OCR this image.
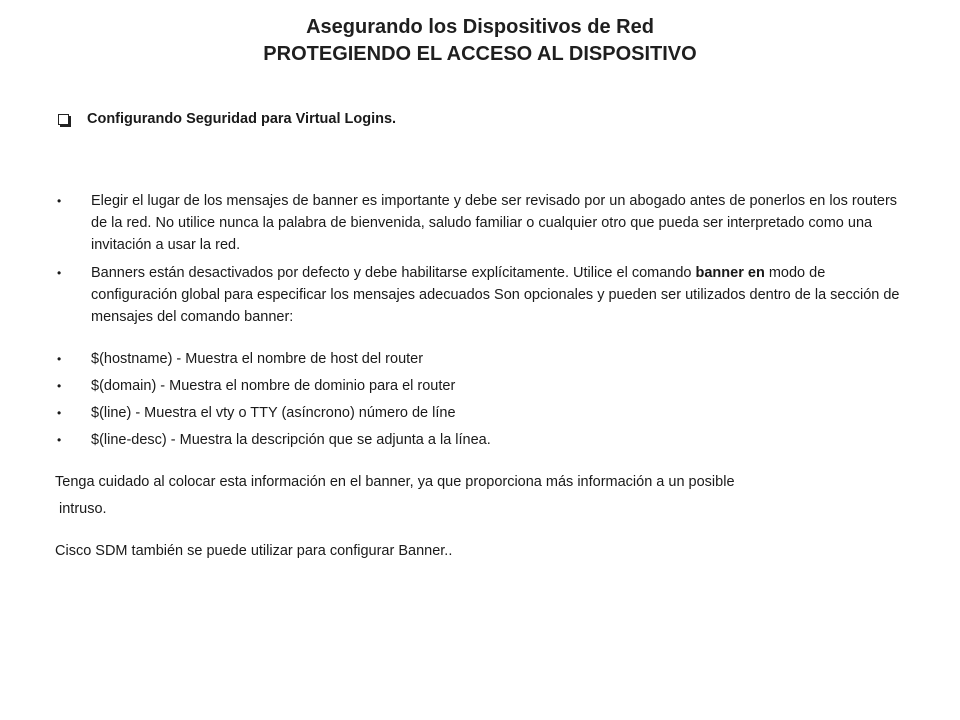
Asegurando los Dispositivos de Red
PROTEGIENDO EL ACCESO AL DISPOSITIVO
Configurando Seguridad para Virtual Logins.
• Elegir el lugar de los mensajes de banner es importante y debe ser revisado por un abogado antes de ponerlos en los routers de la red. No utilice nunca la palabra de bienvenida, saludo familiar o cualquier otro que pueda ser interpretado como una invitación a usar la red.
• Banners están desactivados por defecto y debe habilitarse explícitamente. Utilice el comando banner en modo de configuración global para especificar los mensajes adecuados Son opcionales y pueden ser utilizados dentro de la sección de mensajes del comando banner:
• $(hostname) - Muestra el nombre de host del router
• $(domain) - Muestra el nombre de dominio para el router
• $(line) - Muestra el vty o TTY (asíncrono) número de líne
• $(line-desc) - Muestra la descripción que se adjunta a la línea.

Tenga cuidado al colocar esta información en el banner, ya que proporciona más información a un posible

intruso.

Cisco SDM también se puede utilizar para configurar Banner..
